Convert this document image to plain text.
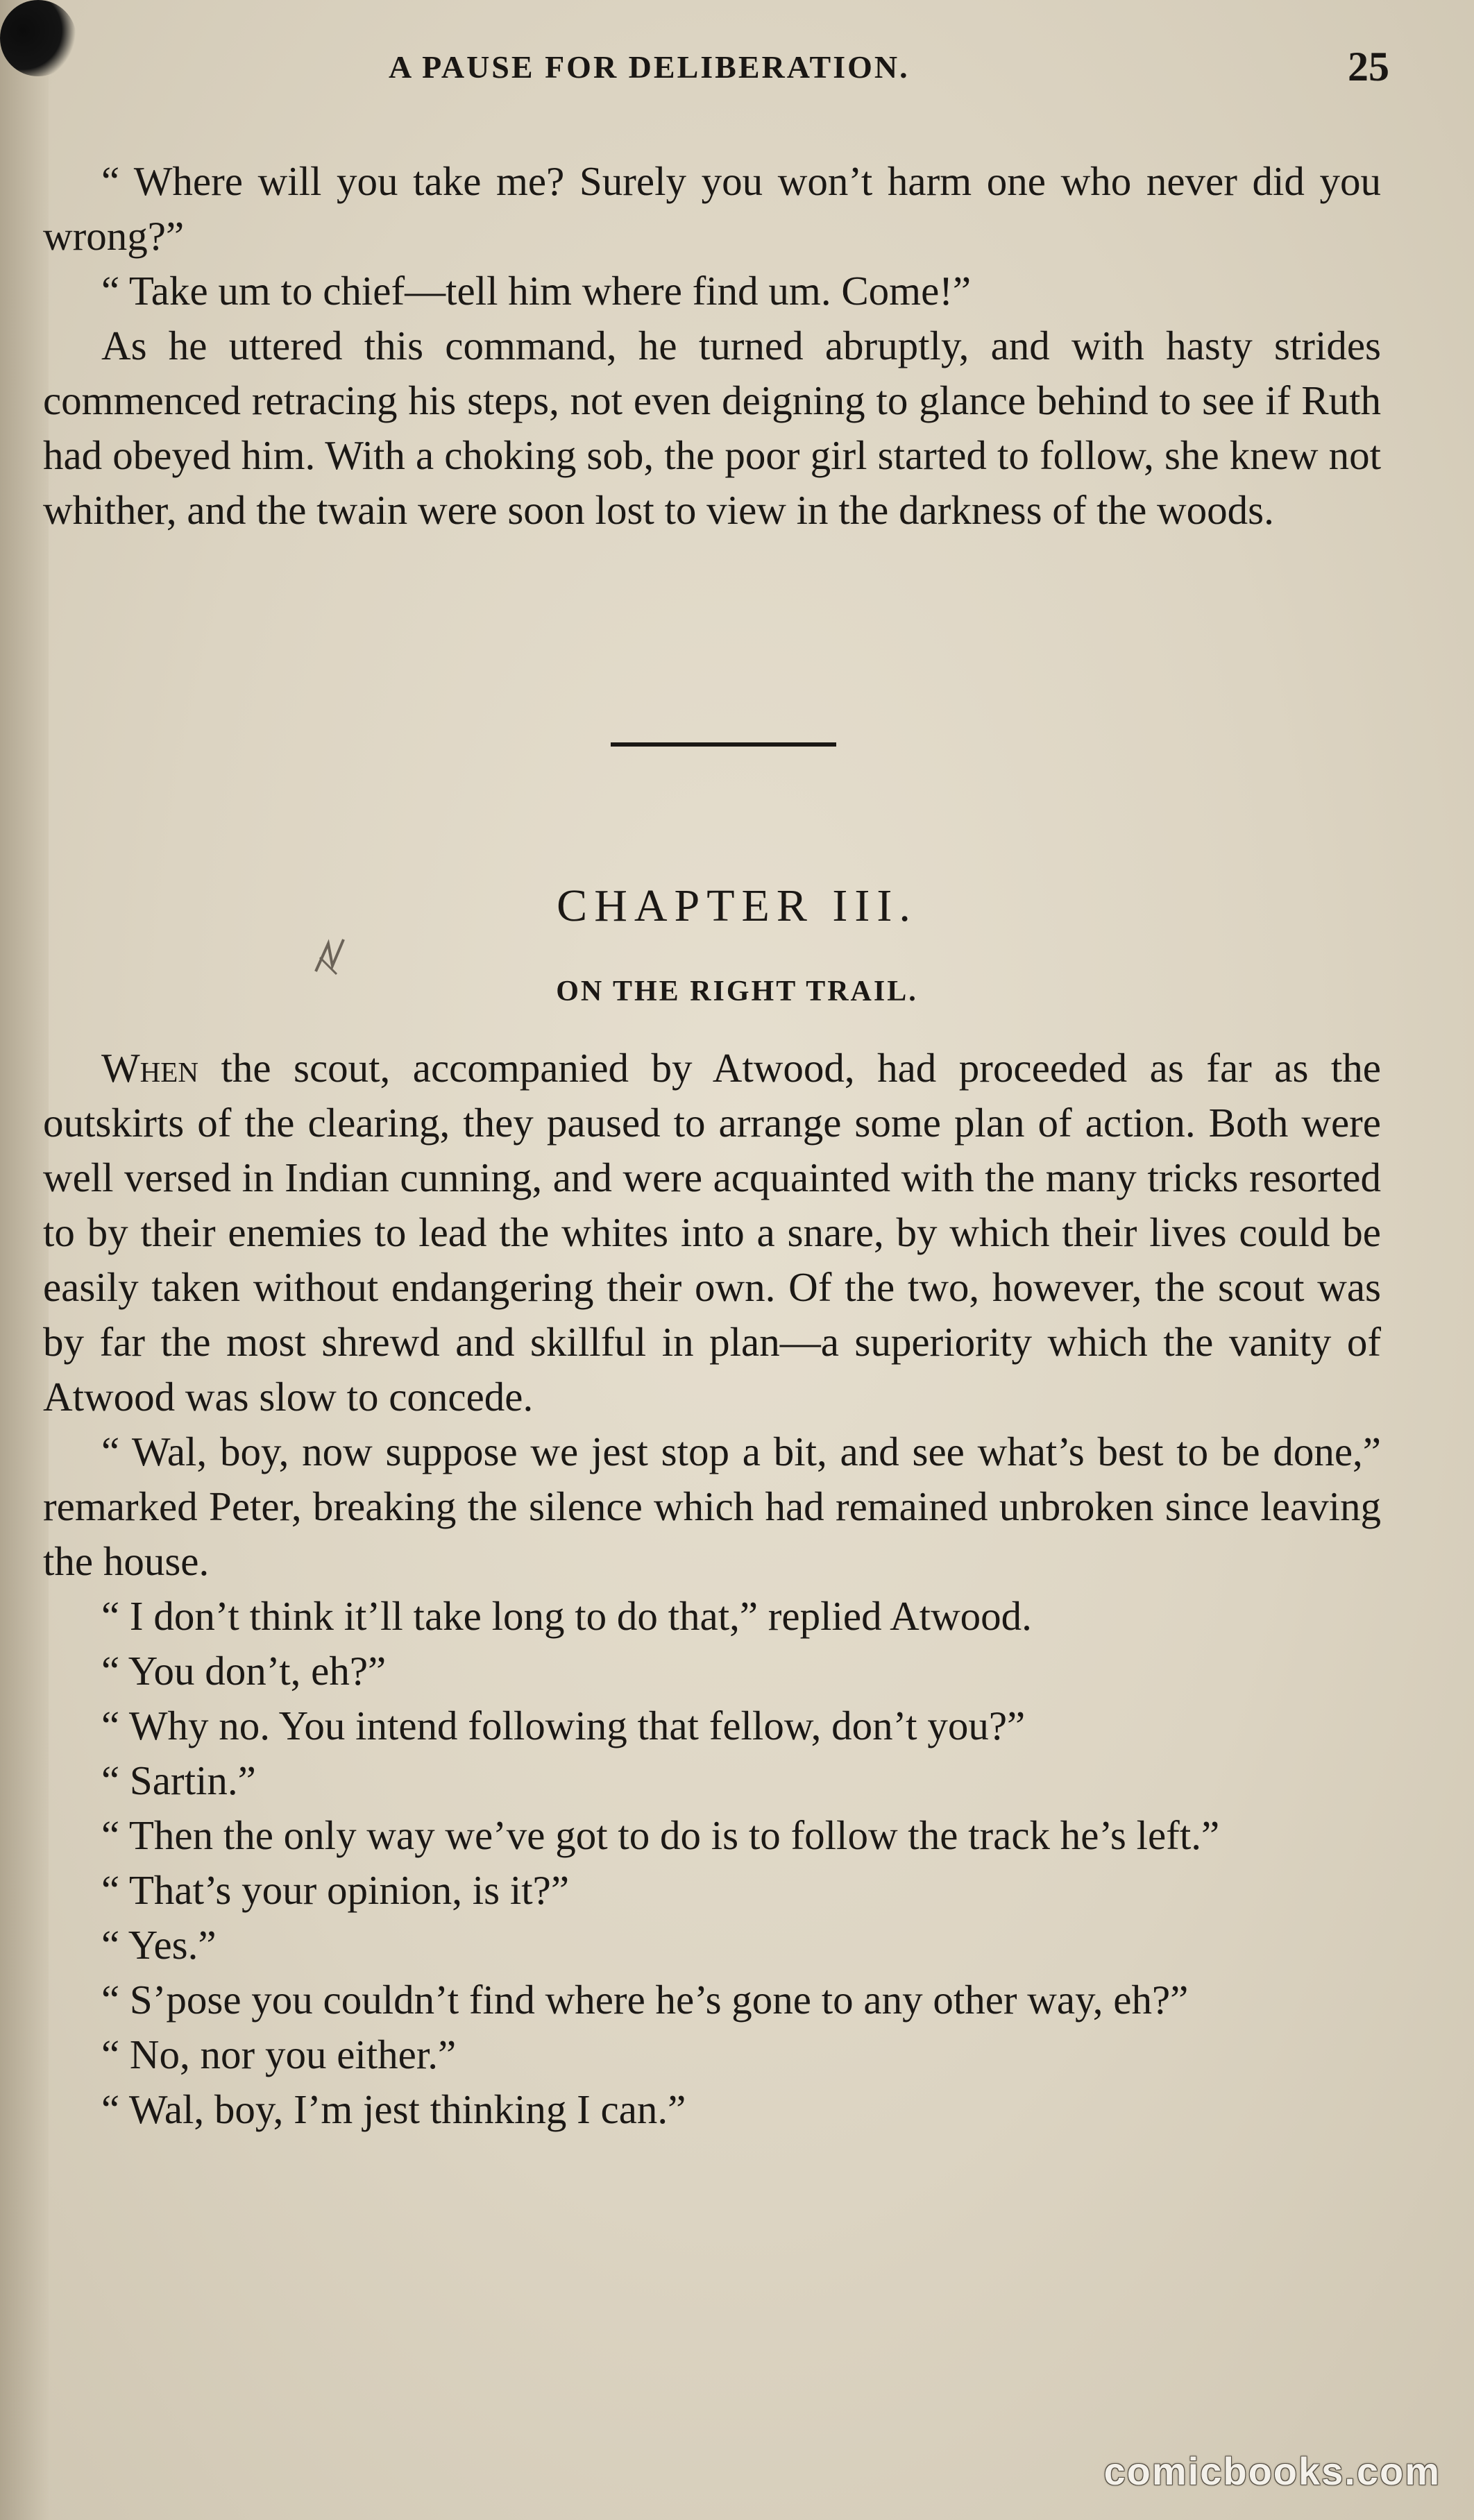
A PAUSE FOR DELIBERATION.	25

“ Where will you take me? Surely you won’t harm one who never did you wrong?”

“ Take um to chief—tell him where find um. Come!”

As he uttered this command, he turned abruptly, and with hasty strides commenced retracing his steps, not even deigning to glance behind to see if Ruth had obeyed him. With a choking sob, the poor girl started to follow, she knew not whither, and the twain were soon lost to view in the darkness of the woods.

CHAPTER III.
ON THE RIGHT TRAIL.

When the scout, accompanied by Atwood, had proceeded as far as the outskirts of the clearing, they paused to arrange some plan of action. Both were well versed in Indian cunning, and were acquainted with the many tricks resorted to by their enemies to lead the whites into a snare, by which their lives could be easily taken without endangering their own. Of the two, however, the scout was by far the most shrewd and skillful in plan—a superiority which the vanity of Atwood was slow to concede.

“ Wal, boy, now suppose we jest stop a bit, and see what’s best to be done,” remarked Peter, breaking the silence which had remained unbroken since leaving the house.

“ I don’t think it’ll take long to do that,” replied Atwood.

“ You don’t, eh?”

“ Why no. You intend following that fellow, don’t you?”

“ Sartin.”

“ Then the only way we’ve got to do is to follow the track he’s left.”

“ That’s your opinion, is it?”

“ Yes.”

“ S’pose you couldn’t find where he’s gone to any other way, eh?”

“ No, nor you either.”

“ Wal, boy, I’m jest thinking I can.”

comicbooks.com
